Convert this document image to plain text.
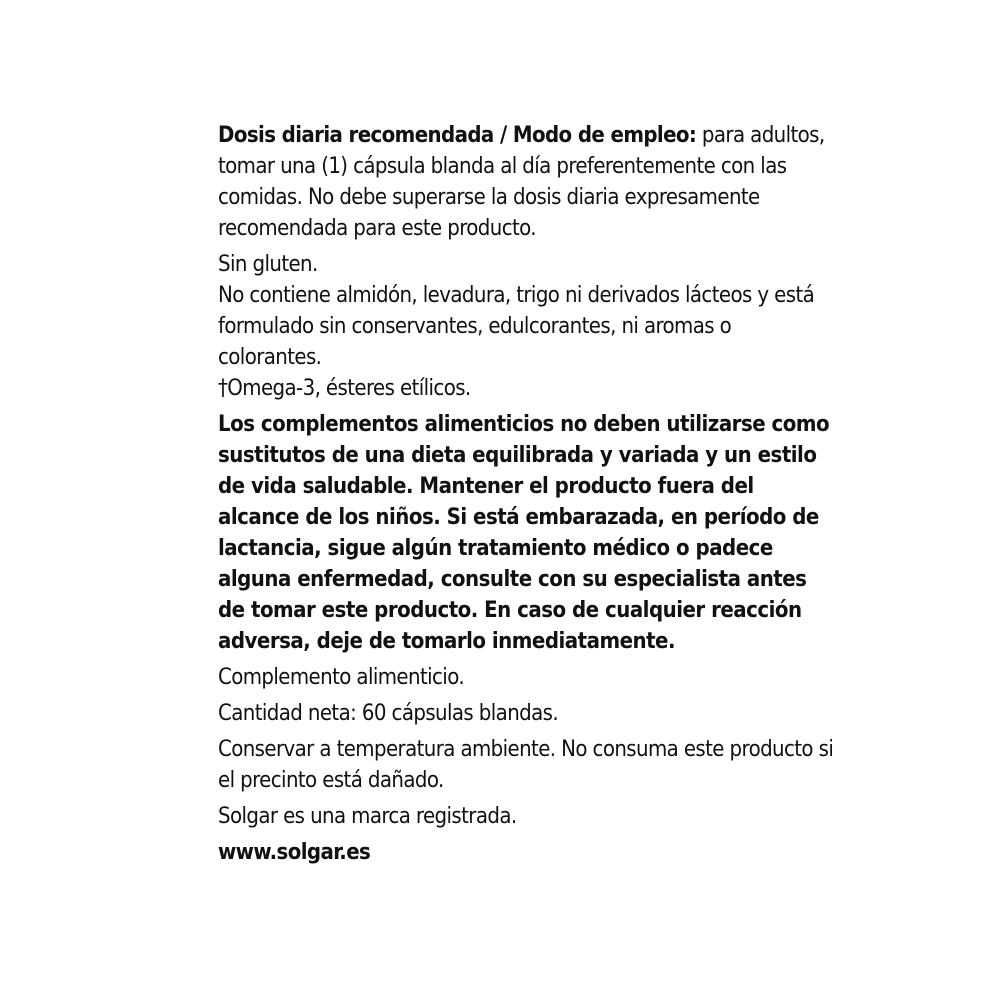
Dosis diaria recomendada / Modo de empleo: para adultos,
tomar una (1) cápsula blanda al día preferentemente con las
comidas. No debe superarse la dosis diaria expresamente
recomendada para este producto.

Sin gluten.
No contiene almidón, levadura, trigo ni derivados lácteos y está
formulado sin conservantes, edulcorantes, ni aromas o
colorantes.
†Omega-3, ésteres etílicos.

Los complementos alimenticios no deben utilizarse como
sustitutos de una dieta equilibrada y variada y un estilo
de vida saludable. Mantener el producto fuera del
alcance de los niños. Si está embarazada, en período de
lactancia, sigue algún tratamiento médico o padece
alguna enfermedad, consulte con su especialista antes
de tomar este producto. En caso de cualquier reacción
adversa, deje de tomarlo inmediatamente.

Complemento alimenticio.

Cantidad neta: 60 cápsulas blandas.

Conservar a temperatura ambiente. No consuma este producto si
el precinto está dañado.

Solgar es una marca registrada.

www.solgar.es
